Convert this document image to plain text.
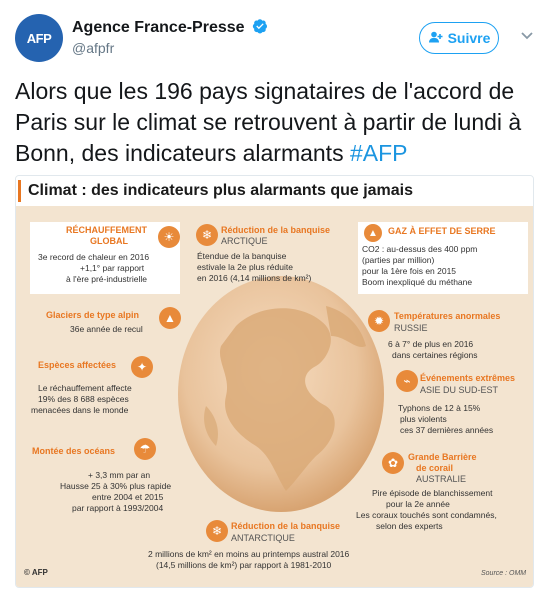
AFP
Agence France-Presse
@afpfr
Suivre
Alors que les 196 pays signataires de l'accord de Paris sur le climat se retrouvent à partir de lundi à Bonn, des indicateurs alarmants #AFP
Climat : des indicateurs plus alarmants que jamais
RÉCHAUFFEMENT
GLOBAL	☀
3e record de chaleur en 2016
+1,1° par rapport
à l'ère pré-industrielle
❄ Réduction de la banquise
ARCTIQUE
Étendue de la banquise
estivale la 2e plus réduite
en 2016 (4,14 millions de km²)
▲	GAZ À EFFET DE SERRE
CO2 : au-dessus des 400 ppm
(parties par million)
pour la 1ère fois en 2015
Boom inexpliqué du méthane
Glaciers de type alpin
36e année de recul
▲	✹	Températures anormales
RUSSIE
6 à 7° de plus en 2016
dans certaines régions
Espèces affectées	✦
Le réchauffement affecte
19% des 8 688 espèces
menacées dans le monde
⌁	Événements extrêmes
ASIE DU SUD-EST
Typhons de 12 à 15%
plus violents
ces 37 dernières années
Montée des océans	☂
+ 3,3 mm par an
Hausse 25 à 30% plus rapide
entre 2004 et 2015
par rapport à 1993/2004
✿	Grande Barrière
de corail
AUSTRALIE
Pire épisode de blanchissement
pour la 2e année
Les coraux touchés sont condamnés,
selon des experts
❄ Réduction de la banquise
ANTARCTIQUE
2 millions de km² en moins au printemps austral 2016
(14,5 millions de km²) par rapport à 1981-2010
© AFP	Source : OMM
